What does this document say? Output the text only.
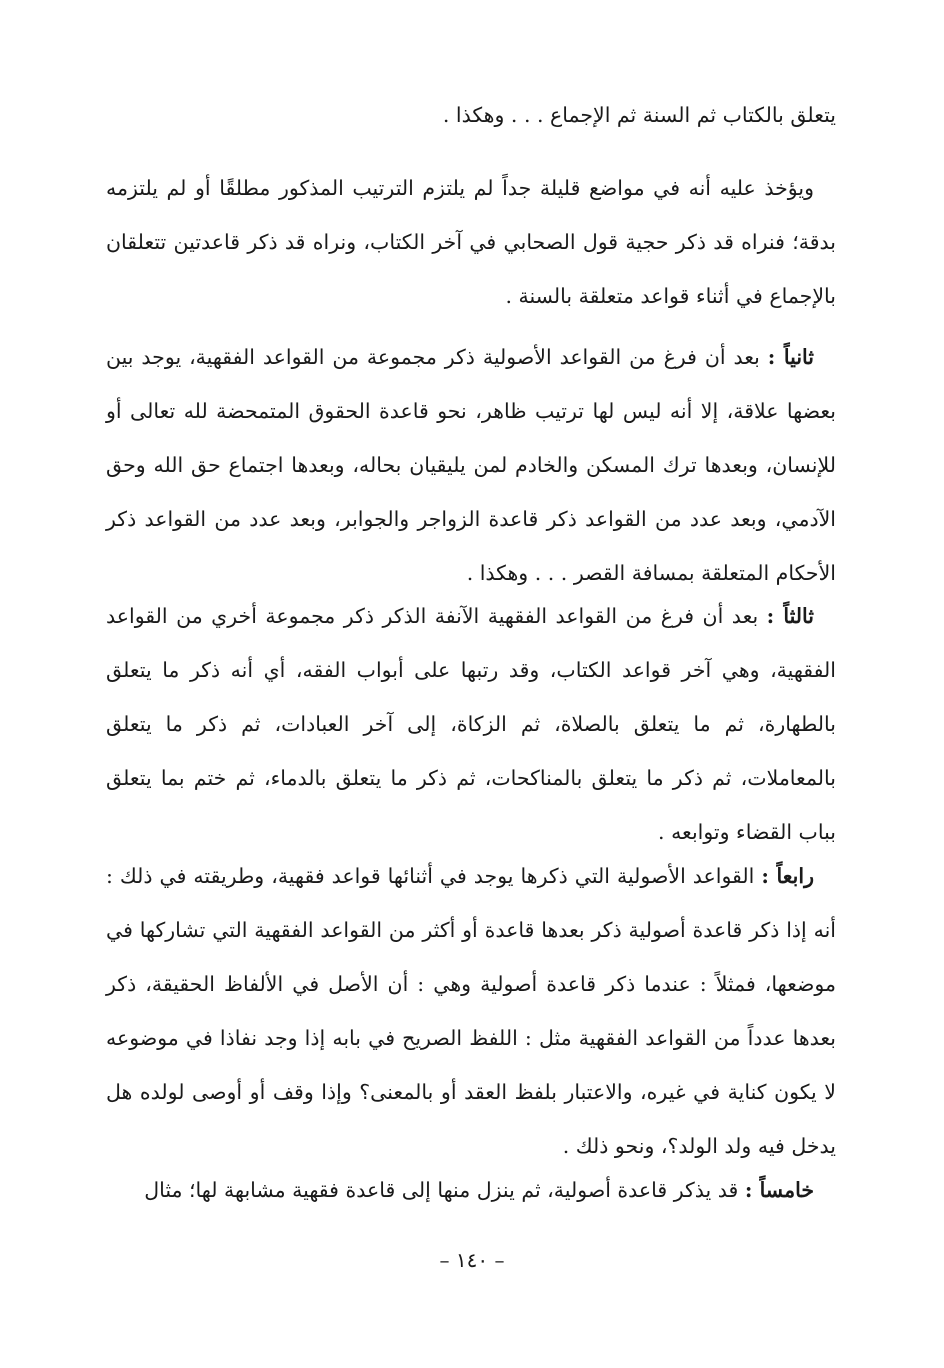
يتعلق بالكتاب ثم السنة ثم الإجماع . . . وهكذا .

ويؤخذ عليه أنه في مواضع قليلة جداً لم يلتزم الترتيب المذكور مطلقًا أو لم يلتزمه بدقة؛ فنراه قد ذكر حجية قول الصحابي في آخر الكتاب، ونراه قد ذكر قاعدتين تتعلقان بالإجماع في أثناء قواعد متعلقة بالسنة .

ثانياً : بعد أن فرغ من القواعد الأصولية ذكر مجموعة من القواعد الفقهية، يوجد بين بعضها علاقة، إلا أنه ليس لها ترتيب ظاهر، نحو قاعدة الحقوق المتمحضة لله تعالى أو للإنسان، وبعدها ترك المسكن والخادم لمن يليقيان بحاله، وبعدها اجتماع حق الله وحق الآدمي، وبعد عدد من القواعد ذكر قاعدة الزواجر والجوابر، وبعد عدد من القواعد ذكر الأحكام المتعلقة بمسافة القصر . . . وهكذا .

ثالثاً : بعد أن فرغ من القواعد الفقهية الآنفة الذكر ذكر مجموعة أخري من القواعد الفقهية، وهي آخر قواعد الكتاب، وقد رتبها على أبواب الفقه، أي أنه ذكر ما يتعلق بالطهارة، ثم ما يتعلق بالصلاة، ثم الزكاة، إلى آخر العبادات، ثم ذكر ما يتعلق بالمعاملات، ثم ذكر ما يتعلق بالمناكحات، ثم ذكر ما يتعلق بالدماء، ثم ختم بما يتعلق بباب القضاء وتوابعه .

رابعاً : القواعد الأصولية التي ذكرها يوجد في أثنائها قواعد فقهية، وطريقته في ذلك : أنه إذا ذكر قاعدة أصولية ذكر بعدها قاعدة أو أكثر من القواعد الفقهية التي تشاركها في موضعها، فمثلاً : عندما ذكر قاعدة أصولية وهي : أن الأصل في الألفاظ الحقيقة، ذكر بعدها عدداً من القواعد الفقهية مثل : اللفظ الصريح في بابه إذا وجد نفاذا في موضوعه لا يكون كناية في غيره، والاعتبار بلفظ العقد أو بالمعنى؟ وإذا وقف أو أوصى لولده هل يدخل فيه ولد الولد؟، ونحو ذلك .

خامساً : قد يذكر قاعدة أصولية، ثم ينزل منها إلى قاعدة فقهية مشابهة لها؛ مثال

– ١٤٠ –
